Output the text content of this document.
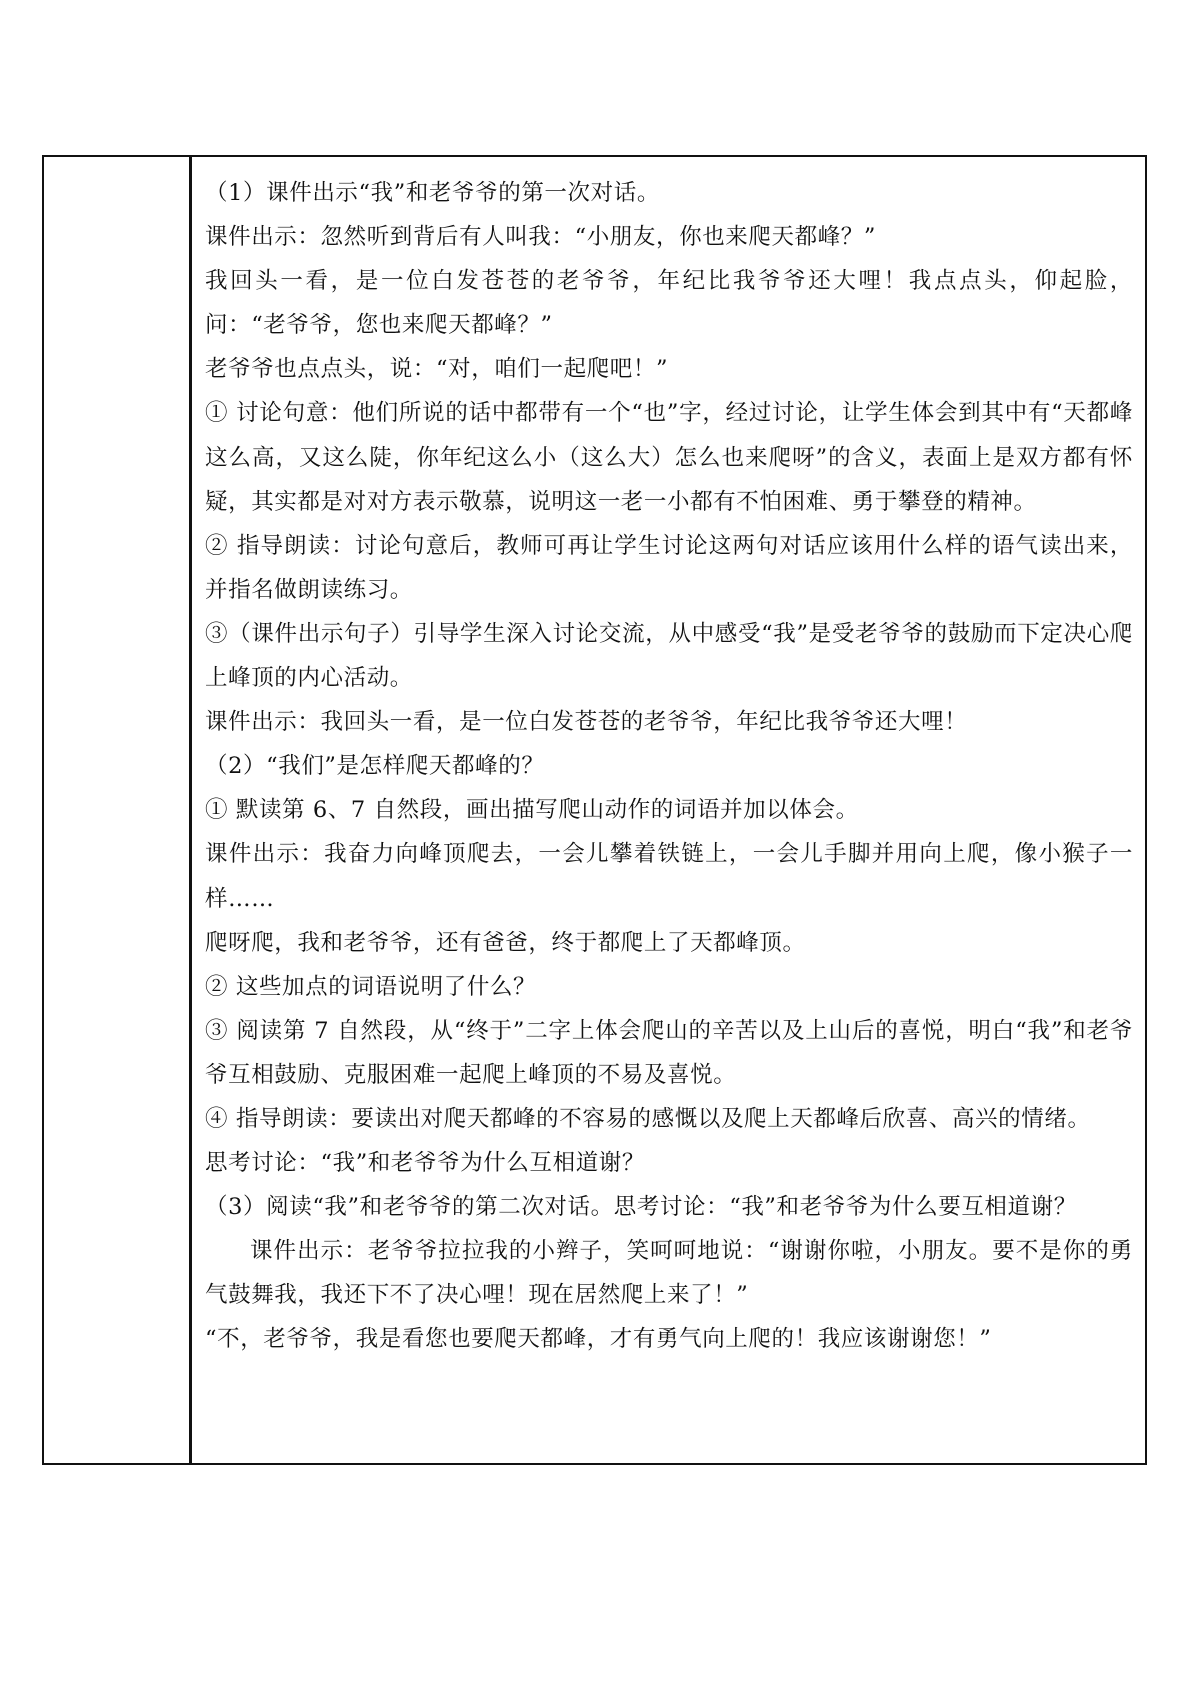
（1）课件出示“我”和老爷爷的第一次对话。

课件出示：忽然听到背后有人叫我：“小朋友，你也来爬天都峰？”

我回头一看，是一位白发苍苍的老爷爷，年纪比我爷爷还大哩！我点点头，仰起脸，问：“老爷爷，您也来爬天都峰？”

老爷爷也点点头，说：“对，咱们一起爬吧！”

① 讨论句意：他们所说的话中都带有一个“也”字，经过讨论，让学生体会到其中有“天都峰这么高，又这么陡，你年纪这么小（这么大）怎么也来爬呀”的含义，表面上是双方都有怀疑，其实都是对对方表示敬慕，说明这一老一小都有不怕困难、勇于攀登的精神。

② 指导朗读：讨论句意后，教师可再让学生讨论这两句对话应该用什么样的语气读出来，并指名做朗读练习。

③（课件出示句子）引导学生深入讨论交流，从中感受“我”是受老爷爷的鼓励而下定决心爬上峰顶的内心活动。

课件出示：我回头一看，是一位白发苍苍的老爷爷，年纪比我爷爷还大哩！

（2）“我们”是怎样爬天都峰的？

① 默读第 6、7 自然段，画出描写爬山动作的词语并加以体会。

课件出示：我奋力向峰顶爬去，一会儿攀着铁链上，一会儿手脚并用向上爬，像小猴子一样……

爬呀爬，我和老爷爷，还有爸爸，终于都爬上了天都峰顶。

② 这些加点的词语说明了什么？

③ 阅读第 7 自然段，从“终于”二字上体会爬山的辛苦以及上山后的喜悦，明白“我”和老爷爷互相鼓励、克服困难一起爬上峰顶的不易及喜悦。

④ 指导朗读：要读出对爬天都峰的不容易的感慨以及爬上天都峰后欣喜、高兴的情绪。

思考讨论：“我”和老爷爷为什么互相道谢？

（3）阅读“我”和老爷爷的第二次对话。思考讨论：“我”和老爷爷为什么要互相道谢？

课件出示：老爷爷拉拉我的小辫子，笑呵呵地说：“谢谢你啦，小朋友。要不是你的勇气鼓舞我，我还下不了决心哩！现在居然爬上来了！”

“不，老爷爷，我是看您也要爬天都峰，才有勇气向上爬的！我应该谢谢您！”
